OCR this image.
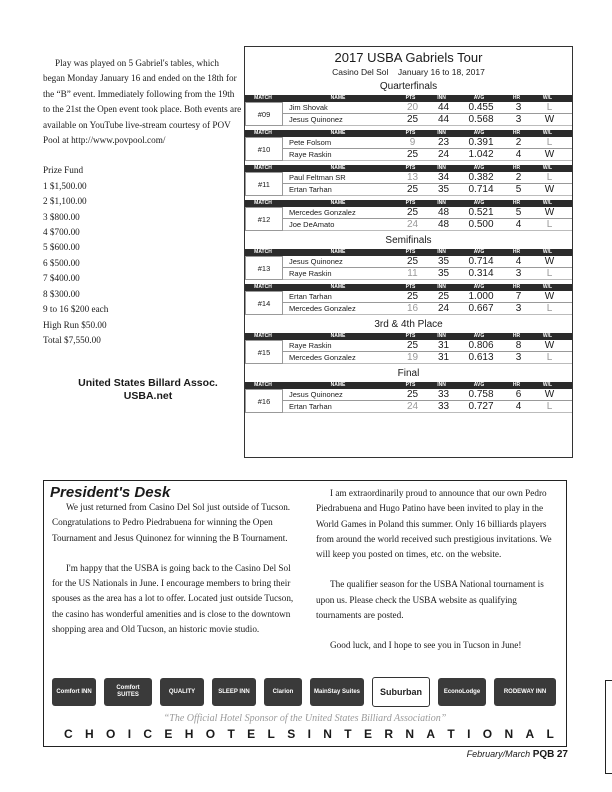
Play was played on 5 Gabriel's tables, which began Monday January 16 and ended on the 18th for the “B” event. Immediately following from the 19th to the 21st the Open event took place. Both events are available on YouTube live-stream courtesy of POV Pool at http://www.povpool.com/

Prize Fund
1 $1,500.00
2 $1,100.00
3 $800.00
4 $700.00
5 $600.00
6 $500.00
7 $400.00
8 $300.00
9 to 16 $200 each
High Run $50.00
Total $7,550.00
United States Billard Assoc.
USBA.net
2017 USBA Gabriels Tour
Casino Del Sol January 16 to 18, 2017
Quarterfinals
MATCH	NAME	PTS	INN	AVG	HR	W/L
#09
Jim Shovak	20	44	0.455	3	L
Jesus Quinonez	25	44	0.568	3	W
MATCH	NAME	PTS	INN	AVG	HR	W/L
#10
Pete Folsom	9	23	0.391	2	L
Raye Raskin	25	24	1.042	4	W
MATCH	NAME	PTS	INN	AVG	HR	W/L
#11
Paul Feltman SR	13	34	0.382	2	L
Ertan Tarhan	25	35	0.714	5	W
MATCH	NAME	PTS	INN	AVG	HR	W/L
#12
Mercedes Gonzalez	25	48	0.521	5	W
Joe DeAmato	24	48	0.500	4	L
Semifinals
MATCH	NAME	PTS	INN	AVG	HR	W/L
#13
Jesus Quinonez	25	35	0.714	4	W
Raye Raskin	11	35	0.314	3	L
MATCH	NAME	PTS	INN	AVG	HR	W/L
#14
Ertan Tarhan	25	25	1.000	7	W
Mercedes Gonzalez	16	24	0.667	3	L
3rd & 4th Place
MATCH	NAME	PTS	INN	AVG	HR	W/L
#15
Raye Raskin	25	31	0.806	8	W
Mercedes Gonzalez	19	31	0.613	3	L
Final
MATCH	NAME	PTS	INN	AVG	HR	W/L
#16
Jesus Quinonez	25	33	0.758	6	W
Ertan Tarhan	24	33	0.727	4	L
President's Desk

We just returned from Casino Del Sol just outside of Tucson. Congratulations to Pedro Piedrabuena for winning the Open Tournament and Jesus Quinonez for winning the B Tournament.

I'm happy that the USBA is going back to the Casino Del Sol for the US Nationals in June. I encourage members to bring their spouses as the area has a lot to offer. Located just outside Tucson, the casino has wonderful amenities and is close to the downtown shopping area and Old Tucson, an historic movie studio.

I am extraordinarily proud to announce that our own Pedro Piedrabuena and Hugo Patino have been invited to play in the World Games in Poland this summer. Only 16 billiards players from around the world received such prestigious invitations. We will keep you posted on times, etc. on the website.

The qualifier season for the USBA National tournament is upon us. Please check the USBA website as qualifying tournaments are posted.

Good luck, and I hope to see you in Tucson in June!

Comfort INN
Comfort SUITES
QUALITY	SLEEP INN	Clarion	MainStay Suites	Suburban	EconoLodge	RODEWAY INN
“The Official Hotel Sponsor of the United States Billiard Association”
C H O I C E H O T E L S I N T E R N A T I O N A L
February/March PQB 27
